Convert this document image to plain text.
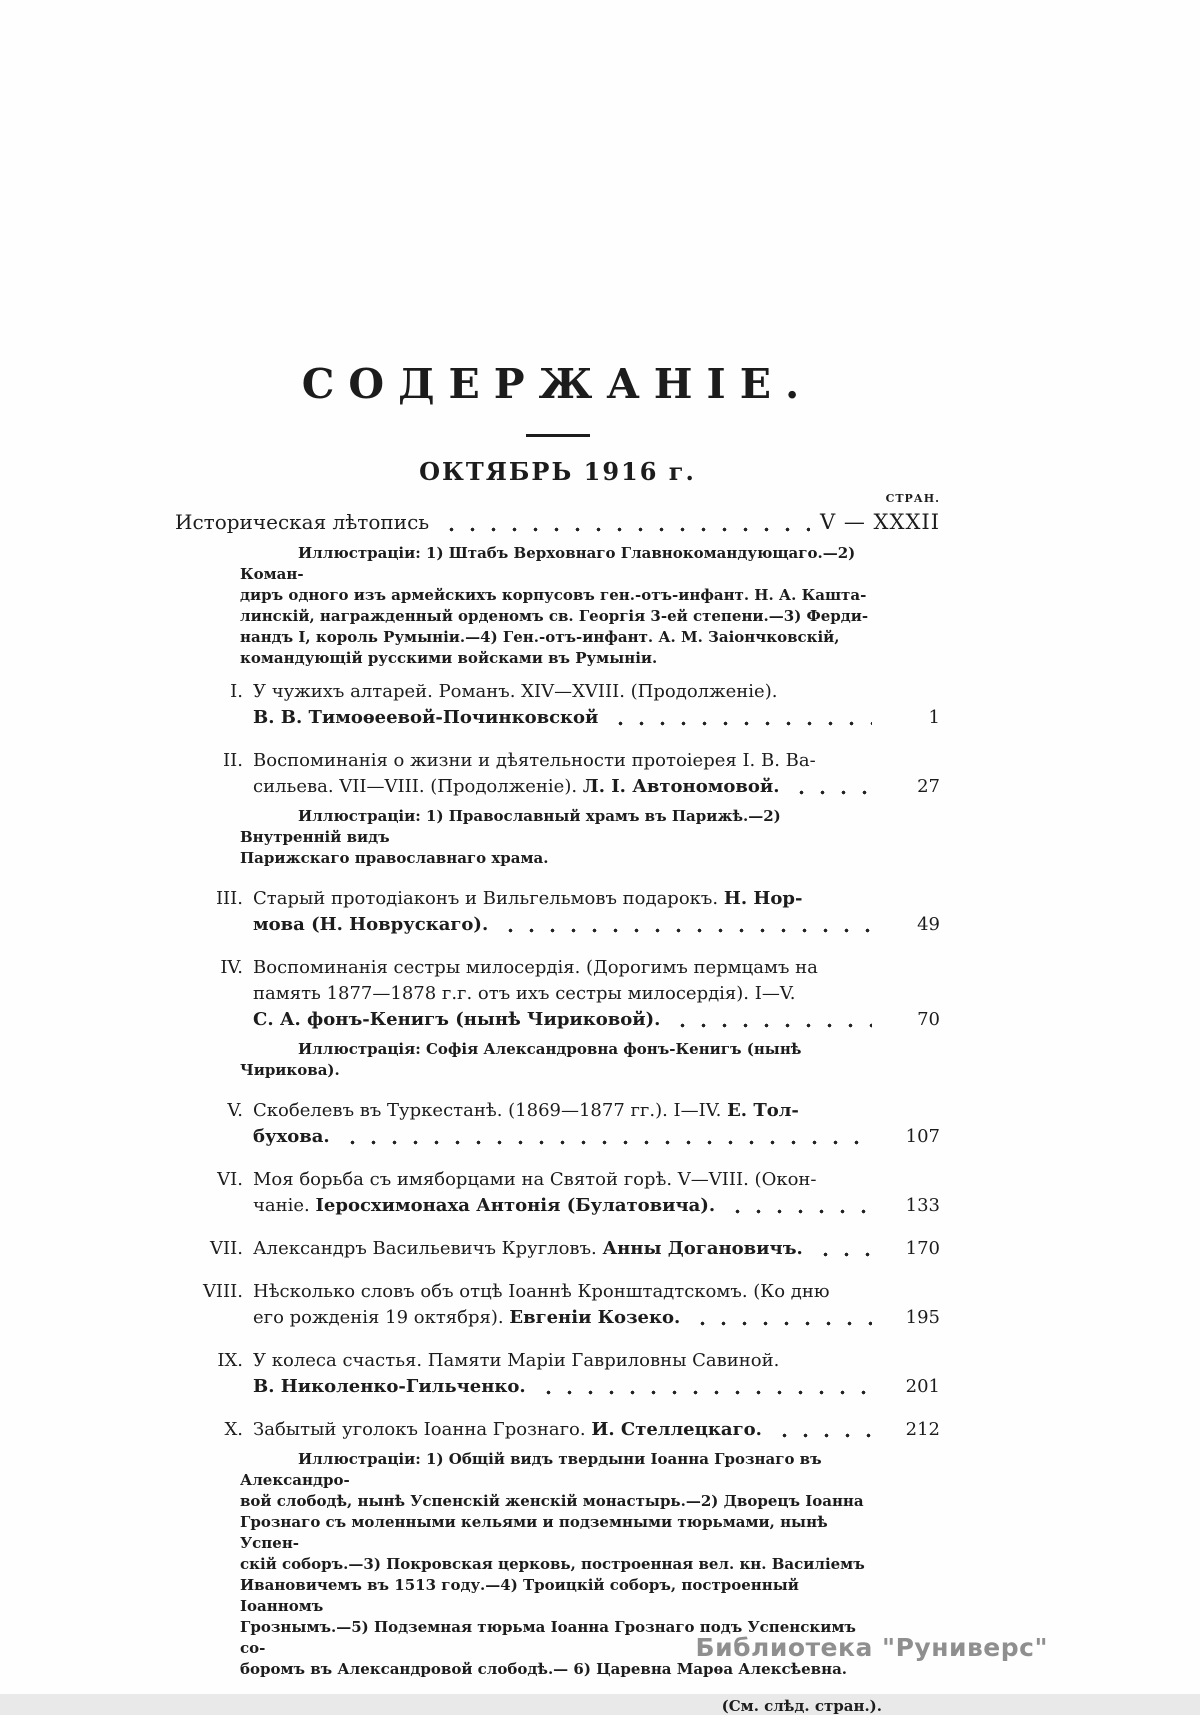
СОДЕРЖАНІЕ.
ОКТЯБРЬ 1916 г.
СТРАН.
Историческая лѣтопись	V — XXXII
Иллюстраціи: 1) Штабъ Верховнаго Главнокомандующаго.—2) Коман-
диръ одного изъ армейскихъ корпусовъ ген.-отъ-инфант. Н. А. Кашта-
линскій, награжденный орденомъ св. Георгія 3-ей степени.—3) Ферди-
нандъ I, король Румыніи.—4) Ген.-отъ-инфант. А. М. Заіончковскій,
командующій русскими войсками въ Румыніи.
I. У чужихъ алтарей. Романъ. XIV—XVIII. (Продолженіе).
В. В. Тимоѳеевой-Починковской	1
II. Воспоминанія о жизни и дѣятельности протоіерея І. В. Ва-
сильева. VII—VIII. (Продолженіе). Л. І. Автономовой.	27
Иллюстраціи: 1) Православный храмъ въ Парижѣ.—2) Внутренній видъ
Парижскаго православнаго храма.
III. Старый протодіаконъ и Вильгельмовъ подарокъ. Н. Нор-
мова (Н. Новрускаго).	49
IV. Воспоминанія сестры милосердія. (Дорогимъ пермцамъ на
память 1877—1878 г.г. отъ ихъ сестры милосердія). I—V.
С. А. фонъ-Кенигъ (нынѣ Чириковой).	70
Иллюстрація: Софія Александровна фонъ-Кенигъ (нынѣ Чирикова).
V. Скобелевъ въ Туркестанѣ. (1869—1877 гг.). I—IV. Е. Тол-
бухова.	107
VI. Моя борьба съ имяборцами на Святой горѣ. V—VIII. (Окон-
чаніе. Іеросхимонаха Антонія (Булатовича).	133
VII. Александръ Васильевичъ Кругловъ. Анны Догановичъ.	170
VIII. Нѣсколько словъ объ отцѣ Іоаннѣ Кронштадтскомъ. (Ко дню
его рожденія 19 октября). Евгеніи Козеко.	195
IX. У колеса счастья. Памяти Маріи Гавриловны Савиной.
В. Николенко-Гильченко.	201
X. Забытый уголокъ Іоанна Грознаго. И. Стеллецкаго.	212
Иллюстраціи: 1) Общій видъ твердыни Іоанна Грознаго въ Александро-
вой слободѣ, нынѣ Успенскій женскій монастырь.—2) Дворецъ Іоанна
Грознаго съ моленными кельями и подземными тюрьмами, нынѣ Успен-
скій соборъ.—3) Покровская церковь, построенная вел. кн. Василіемъ
Ивановичемъ въ 1513 году.—4) Троицкій соборъ, построенный Іоанномъ
Грознымъ.—5) Подземная тюрьма Іоанна Грознаго подъ Успенскимъ со-
боромъ въ Александровой слободѣ.— 6) Царевна Марѳа Алексѣевна.
(См. слѣд. стран.).
Библиотека "Руниверс"
